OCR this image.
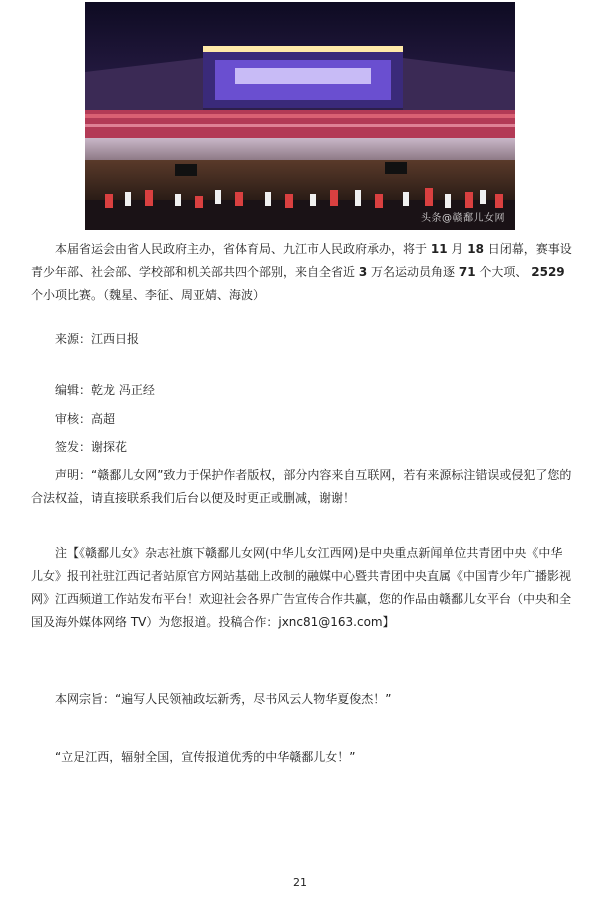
头条@赣鄱儿女网
本届省运会由省人民政府主办，省体育局、九江市人民政府承办，将于 11 月 18 日闭幕，赛事设青少年部、社会部、学校部和机关部共四个部别，来自全省近 3 万名运动员角逐 71 个大项、 2529 个小项比赛。（魏星、李征、周亚婧、海波）
来源：江西日报
编辑：乾龙 冯正经
审核：高超
签发：谢探花
声明：“赣鄱儿女网”致力于保护作者版权，部分内容来自互联网，若有来源标注错误或侵犯了您的合法权益，请直接联系我们后台以便及时更正或删减，谢谢！
注【《赣鄱儿女》杂志社旗下赣鄱儿女网(中华儿女江西网)是中央重点新闻单位共青团中央《中华儿女》报刊社驻江西记者站原官方网站基础上改制的融媒中心暨共青团中央直属《中国青少年广播影视网》江西频道工作站发布平台！欢迎社会各界广告宣传合作共赢，您的作品由赣鄱儿女平台（中央和全国及海外媒体网络 TV）为您报道。投稿合作：jxnc81@163.com】
本网宗旨：“遍写人民领袖政坛新秀，尽书风云人物华夏俊杰！”
“立足江西，辐射全国，宣传报道优秀的中华赣鄱儿女！”
21
